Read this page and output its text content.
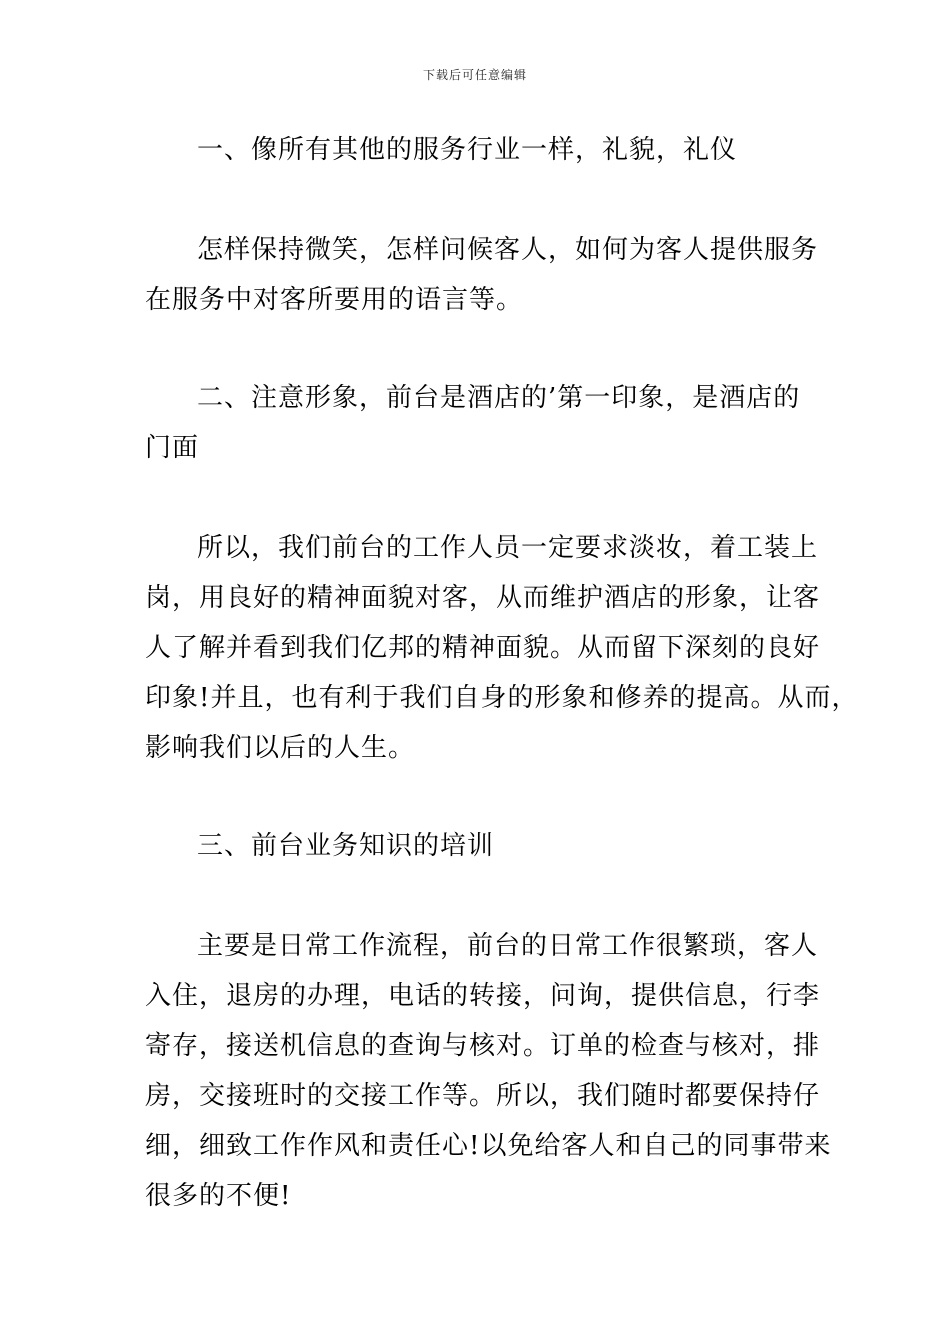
下载后可任意编辑
一、像所有其他的服务行业一样，礼貌，礼仪
怎样保持微笑，怎样问候客人，如何为客人提供服务
在服务中对客所要用的语言等。
二、注意形象，前台是酒店的’第一印象，是酒店的
门面
所以，我们前台的工作人员一定要求淡妆，着工装上
岗，用良好的精神面貌对客，从而维护酒店的形象，让客
人了解并看到我们亿邦的精神面貌。从而留下深刻的良好
印象!并且，也有利于我们自身的形象和修养的提高。从而，
影响我们以后的人生。
三、前台业务知识的培训
主要是日常工作流程，前台的日常工作很繁琐，客人
入住，退房的办理，电话的转接，问询，提供信息，行李
寄存，接送机信息的查询与核对。订单的检查与核对，排
房，交接班时的交接工作等。所以，我们随时都要保持仔
细，细致工作作风和责任心!以免给客人和自己的同事带来
很多的不便!
